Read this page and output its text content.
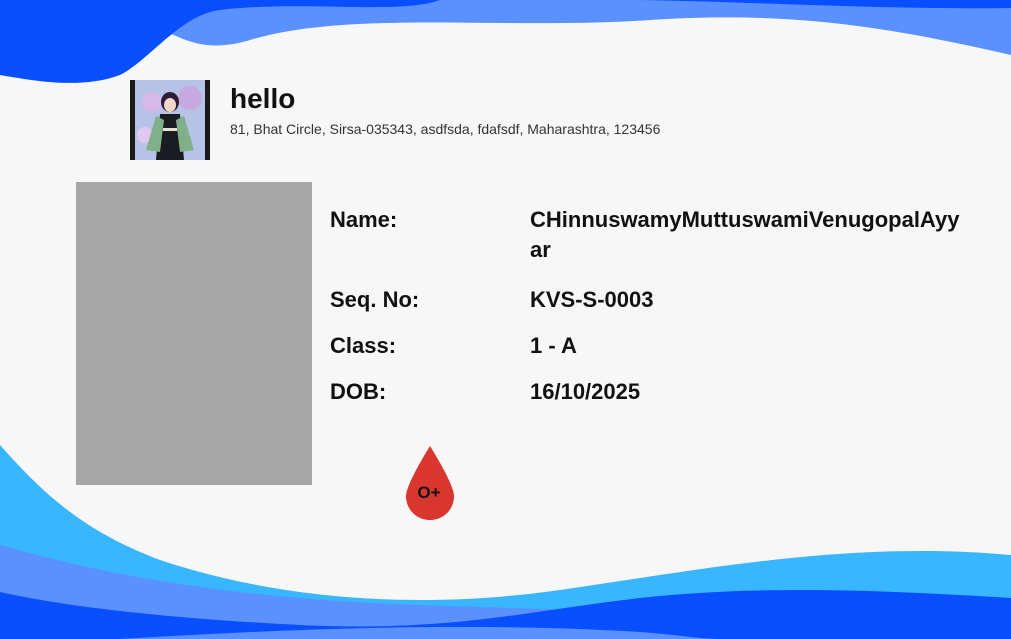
hello
81, Bhat Circle, Sirsa-035343, asdfsda, fdafsdf, Maharashtra, 123456
Name:	CHinnuswamyMuttuswamiVenugopalAyyar
Seq. No:	KVS-S-0003
Class:	1 - A
DOB:	16/10/2025
O+
